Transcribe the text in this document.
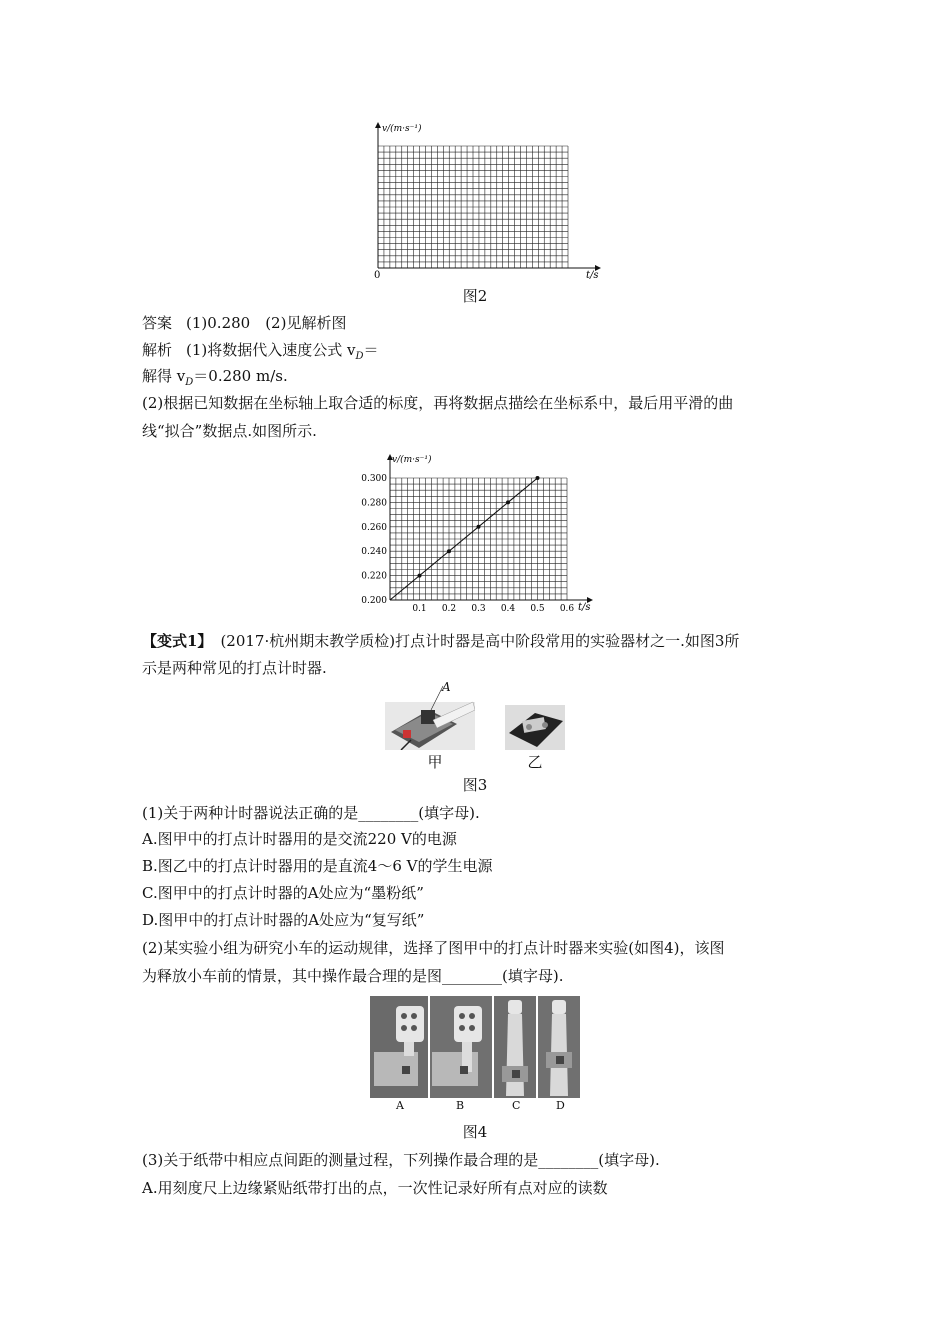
v/(m·s⁻¹)
t/s
0
图2
答案 (1)0.280　(2)见解析图
解析 (1)将数据代入速度公式 $v_D=$
解得 $v_D=0.280$ m/s.
(2)根据已知数据在坐标轴上取合适的标度，再将数据点描绘在坐标系中，最后用平滑的曲
线“拟合”数据点.如图所示.
0.1 0.2 0.3 0.4 0.5 0.6
0.200
0.220
0.240
0.260
0.280
0.300
v/(m·s⁻¹)
t/s
【变式1】 (2017·杭州期末教学质检)打点计时器是高中阶段常用的实验器材之一.如图3所
示是两种常见的打点计时器.
A
甲	乙
图3
(1)关于两种计时器说法正确的是________(填字母).
A.图甲中的打点计时器用的是交流220 V的电源
B.图乙中的打点计时器用的是直流4～6 V的学生电源
C.图甲中的打点计时器的A处应为“墨粉纸”
D.图甲中的打点计时器的A处应为“复写纸”
(2)某实验小组为研究小车的运动规律，选择了图甲中的打点计时器来实验(如图4)，该图
为释放小车前的情景，其中操作最合理的是图________(填字母).
A	B	C	D
图4
(3)关于纸带中相应点间距的测量过程，下列操作最合理的是________(填字母).
A.用刻度尺上边缘紧贴纸带打出的点，一次性记录好所有点对应的读数
